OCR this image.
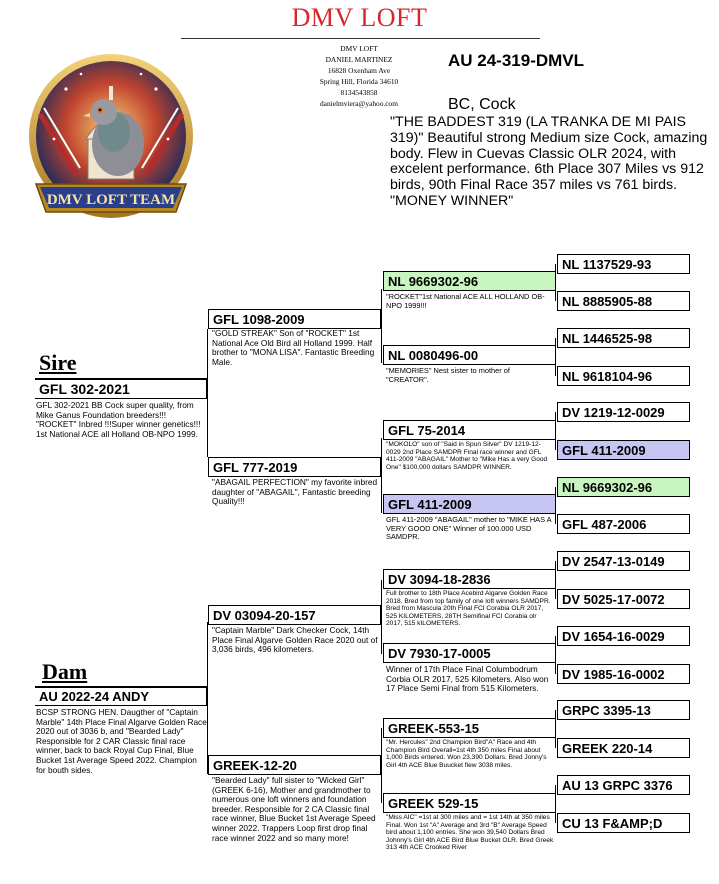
DMV LOFT
DMV LOFT
DANIEL MARTINEZ
16828 Oxenham Ave
Spring Hill, Florida 34610
8134543858
danielmviera@yahoo.com
AU 24-319-DMVL
BC, Cock
"THE BADDEST 319 (LA TRANKA DE MI PAIS 319)" Beautiful strong Medium size Cock, amazing body. Flew in Cuevas Classic OLR 2024, with excelent performance. 6th Place 307 Miles vs 912 birds, 90th Final Race 357 miles vs 761 birds. "MONEY WINNER"
DMV LOFT TEAM
Sire
GFL 302-2021
GFL 302-2021 BB Cock super quality, from Mike Ganus Foundation breeders!!! "ROCKET" Inbred !!!Super winner genetics!!! 1st National ACE all Holland OB-NPO 1999.
Dam
AU 2022-24 ANDY
BCSP STRONG HEN. Daugther of "Captain Marble" 14th Place Final Algarve Golden Race 2020 out of 3036 b, and "Bearded Lady" Responsible for 2 CAR Classic final race winner, back to back Royal Cup Final, Blue Bucket 1st Average Speed 2022. Champion for bouth sides.
GFL 1098-2009
"GOLD STREAK" Son of "ROCKET" 1st National Ace Old Bird all Holland 1999. Half brother to "MONA LISA". Fantastic Breeding Male.
GFL 777-2019
"ABAGAIL PERFECTION" my favorite inbred daughter of "ABAGAIL", Fantastic breeding Quality!!!
DV 03094-20-157
"Captain Marble" Dark Checker Cock, 14th Place Final Algarve Golden Race 2020 out of 3,036 birds, 496 kilometers.
GREEK-12-20
"Bearded Lady" full sister to "Wicked Girl" (GREEK 6-16), Mother and grandmother to numerous one loft winners and foundation breeder. Responsible for 2 CA Classic final race winner, Blue Bucket 1st Average Speed winner 2022. Trappers Loop first drop final race winner 2022 and so many more!
NL 9669302-96
"ROCKET"1st National ACE ALL HOLLAND OB-NPO 1999!!!
NL 0080496-00
"MEMORIES" Nest sister to mother of "CREATOR".
GFL 75-2014
"MOKOLO" son of "Said in Spun Silver" DV 1219-12-0029 2nd Place SAMDPR Final race winner and GFL 411-2009 "ABAGAIL" Mother to "Mike Has a very Good One" $100.000 dollars SAMDPR WINNER.
GFL 411-2009
GFL 411-2009 "ABAGAIL" mother to "MIKE HAS A VERY GOOD ONE" Winner of 100.000 USD SAMDPR.
DV 3094-18-2836
Full brother to 18th Place Acebird Algarve Golden Race 2018. Bred from top family of one loft winners SAMDPR. Bred from Mascula 20th Final FCI Corabia OLR 2017, 525 KILOMETERS, 28TH Semifinal FCI Corabia olr 2017, 515 kILOMETERS.
DV 7930-17-0005
Winner of 17th Place Final Columbodrum Corbia OLR 2017, 525 Kilometers. Also won 17 Place Semi Final from 515 Kilometers.
GREEK-553-15
"Mr. Hercules" 2nd Champion Bird"A" Race and 4th Champion Bird Overall=1st 4th 350 miles Final about 1,000 Birds entered. Won 23,390 Dollars. Bred Jonny's Girl 4th ACE Blue Buucket flew 3038 miles.
GREEK 529-15
"Miss AIC" =1st at 300 miles and = 1st 14th at 350 miles Final. Won 1st "A" Average and 3rd "B" Average Speed bird about 1,100 entries. She won 39,540 Dollars Bred Johnny's Girl 4th ACE Bird Blue Bucket OLR. Bred Greek 313 4th ACE Crooked River
NL 1137529-93
NL 8885905-88
NL 1446525-98
NL 9618104-96
DV 1219-12-0029
GFL 411-2009
NL 9669302-96
GFL 487-2006
DV 2547-13-0149
DV 5025-17-0072
DV 1654-16-0029
DV 1985-16-0002
GRPC 3395-13
GREEK 220-14
AU 13 GRPC 3376
CU 13 F&AMP;D
